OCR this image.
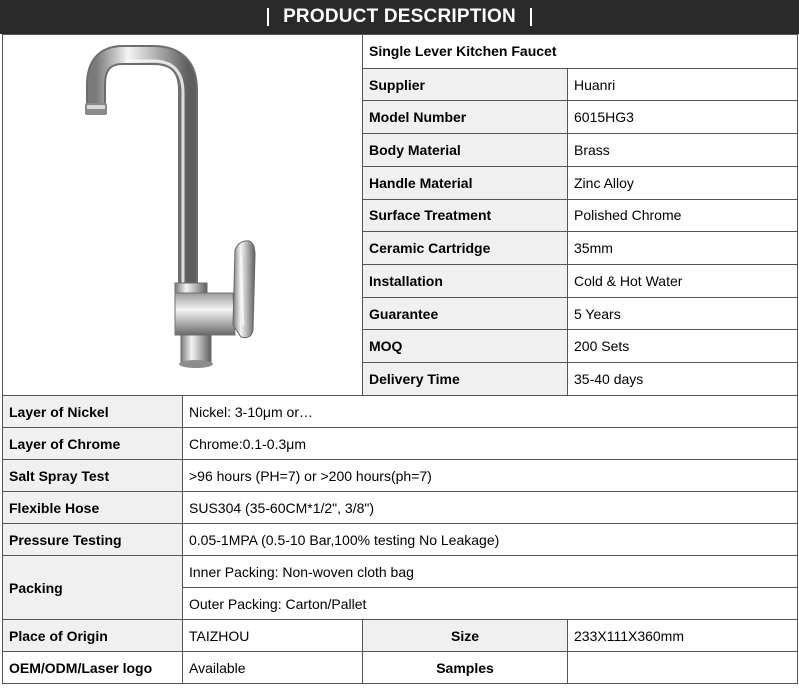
PRODUCT DESCRIPTION
	Single Lever Kitchen Faucet	
		Supplier	Huanri
		Model Number	6015HG3
		Body Material	Brass
		Handle Material	Zinc Alloy
		Surface Treatment	Polished Chrome
		Ceramic Cartridge	35mm
		Installation	Cold & Hot Water
		Guarantee	5 Years
		MOQ	200 Sets
		Delivery Time	35-40 days
Layer of Nickel	Nickel: 3-10μm or…		
Layer of Chrome	Chrome:0.1-0.3μm		
Salt Spray Test	>96 hours (PH=7) or >200 hours(ph=7)		
Flexible Hose	SUS304 (35-60CM*1/2", 3/8")		
Pressure Testing	0.05-1MPA (0.5-10 Bar,100% testing No Leakage)		
Packing	Inner Packing: Non-woven cloth bag		
	Outer Packing: Carton/Pallet		
Place of Origin	TAIZHOU	Size	233X111X360mm
OEM/ODM/Laser logo	Available	Samples	
